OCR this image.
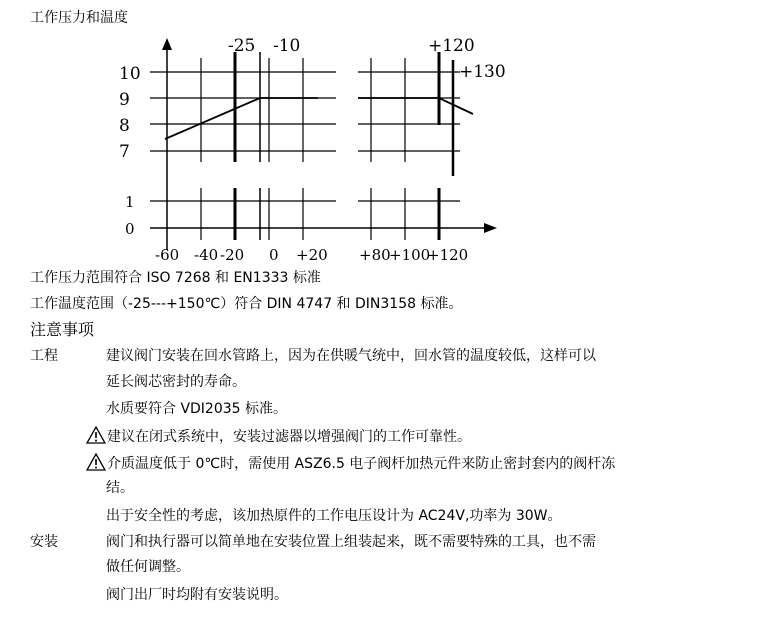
工作压力和温度
10
9
8
7
1
0
-25 -10	+120
+130
-60 -40 -20 0 +20 +80
+100
+120
工作压力范围符合 ISO 7268 和 EN1333 标准
工作温度范围（-25---+150℃）符合 DIN 4747 和 DIN3158 标准。
注意事项
工程	建议阀门安装在回水管路上，因为在供暖气统中，回水管的温度较低，这样可以
延长阀芯密封的寿命。
水质要符合 VDI2035 标准。
建议在闭式系统中，安装过滤器以增强阀门的工作可靠性。
介质温度低于 0℃时，需使用 ASZ6.5 电子阀杆加热元件来防止密封套内的阀杆冻
结。
出于安全性的考虑，该加热原件的工作电压设计为 AC24V,功率为 30W。
安装	阀门和执行器可以简单地在安装位置上组装起来，既不需要特殊的工具，也不需
做任何调整。
阀门出厂时均附有安装说明。
